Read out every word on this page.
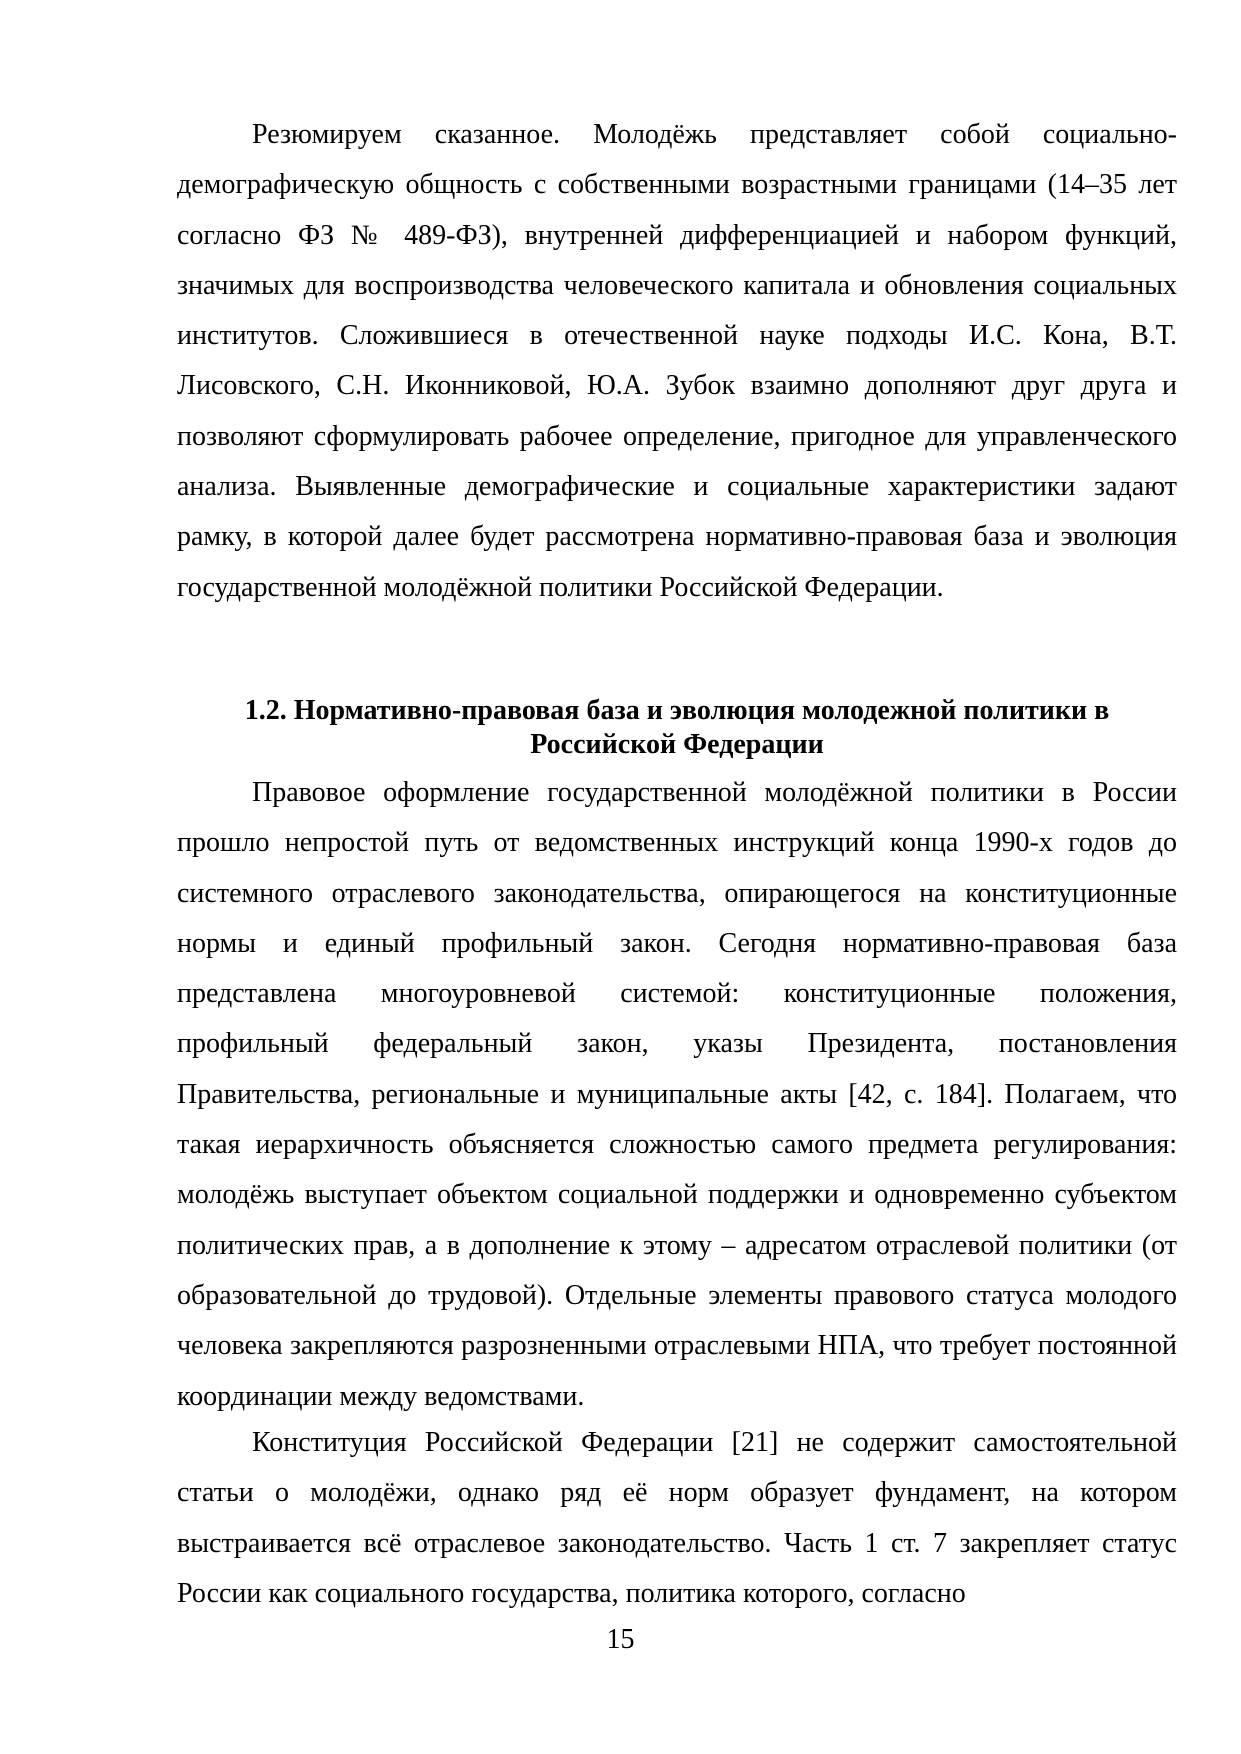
Резюмируем сказанное. Молодёжь представляет собой социально-демографическую общность с собственными возрастными границами (14–35 лет согласно ФЗ № 489-ФЗ), внутренней дифференциацией и набором функций, значимых для воспроизводства человеческого капитала и обновления социальных институтов. Сложившиеся в отечественной науке подходы И.С. Кона, В.Т. Лисовского, С.Н. Иконниковой, Ю.А. Зубок взаимно дополняют друг друга и позволяют сформулировать рабочее определение, пригодное для управленческого анализа. Выявленные демографические и социальные характеристики задают рамку, в которой далее будет рассмотрена нормативно-правовая база и эволюция государственной молодёжной политики Российской Федерации.

1.2. Нормативно-правовая база и эволюция молодежной политики в Российской Федерации

Правовое оформление государственной молодёжной политики в России прошло непростой путь от ведомственных инструкций конца 1990-х годов до системного отраслевого законодательства, опирающегося на конституционные нормы и единый профильный закон. Сегодня нормативно-правовая база представлена многоуровневой системой: конституционные положения, профильный федеральный закон, указы Президента, постановления Правительства, региональные и муниципальные акты [42, с. 184]. Полагаем, что такая иерархичность объясняется сложностью самого предмета регулирования: молодёжь выступает объектом социальной поддержки и одновременно субъектом политических прав, а в дополнение к этому – адресатом отраслевой политики (от образовательной до трудовой). Отдельные элементы правового статуса молодого человека закрепляются разрозненными отраслевыми НПА, что требует постоянной координации между ведомствами.

Конституция Российской Федерации [21] не содержит самостоятельной статьи о молодёжи, однако ряд её норм образует фундамент, на котором выстраивается всё отраслевое законодательство. Часть 1 ст. 7 закрепляет статус России как социального государства, политика которого, согласно

15
